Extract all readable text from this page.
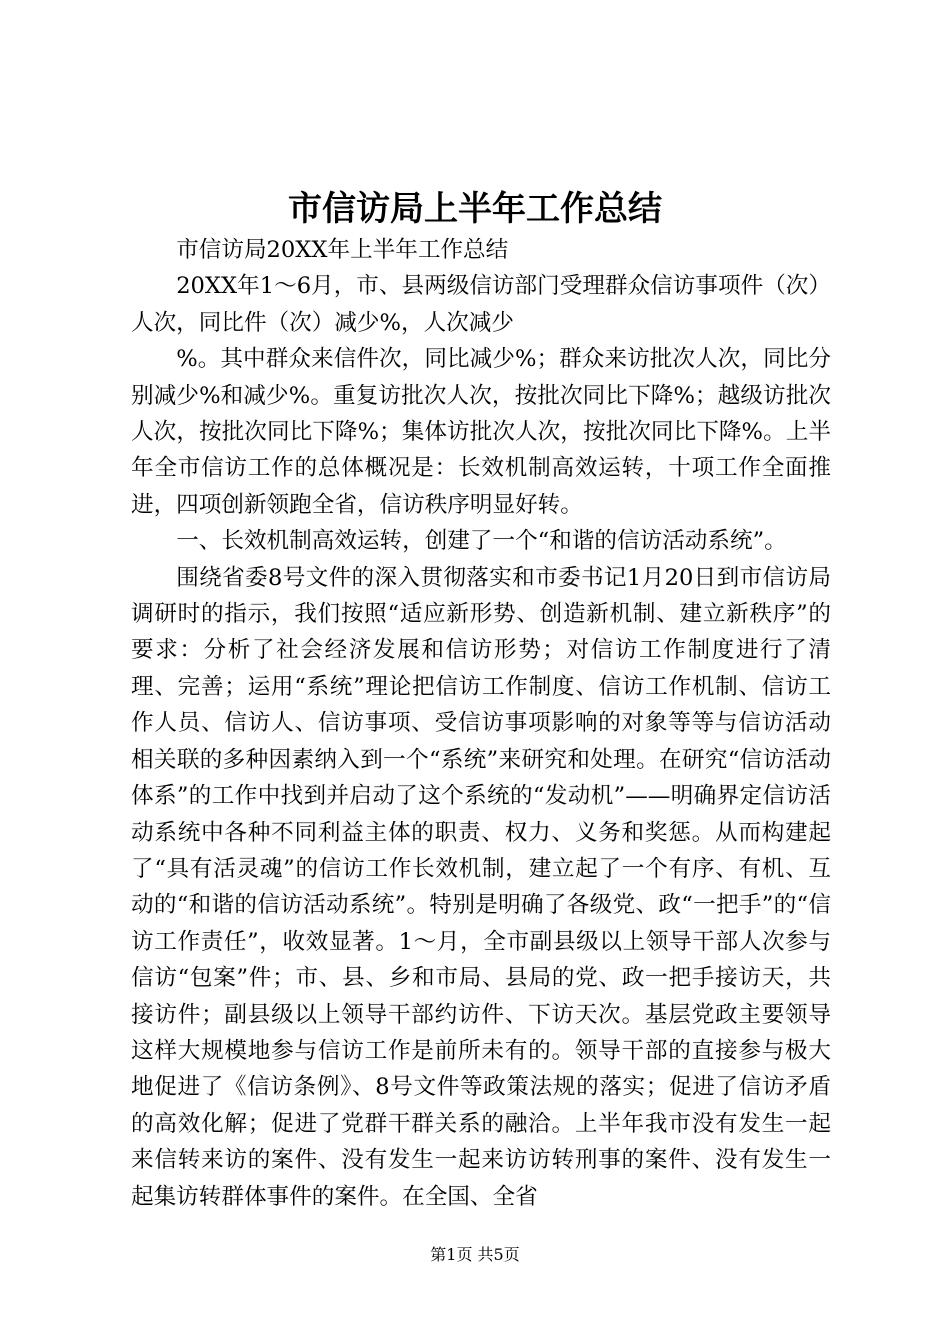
市信访局上半年工作总结

市信访局20XX年上半年工作总结

20XX年1～6月，市、县两级信访部门受理群众信访事项件（次）人次，同比件（次）减少%，人次减少

%。其中群众来信件次，同比减少%；群众来访批次人次，同比分别减少%和减少%。重复访批次人次，按批次同比下降%；越级访批次人次，按批次同比下降%；集体访批次人次，按批次同比下降%。上半年全市信访工作的总体概况是：长效机制高效运转，十项工作全面推进，四项创新领跑全省，信访秩序明显好转。

一、长效机制高效运转，创建了一个“和谐的信访活动系统”。

围绕省委8号文件的深入贯彻落实和市委书记1月20日到市信访局调研时的指示，我们按照“适应新形势、创造新机制、建立新秩序”的要求：分析了社会经济发展和信访形势；对信访工作制度进行了清理、完善；运用“系统”理论把信访工作制度、信访工作机制、信访工作人员、信访人、信访事项、受信访事项影响的对象等等与信访活动相关联的多种因素纳入到一个“系统”来研究和处理。在研究“信访活动体系”的工作中找到并启动了这个系统的“发动机”——明确界定信访活动系统中各种不同利益主体的职责、权力、义务和奖惩。从而构建起了“具有活灵魂”的信访工作长效机制，建立起了一个有序、有机、互动的“和谐的信访活动系统”。特别是明确了各级党、政“一把手”的“信访工作责任”，收效显著。1～月，全市副县级以上领导干部人次参与信访“包案”件；市、县、乡和市局、县局的党、政一把手接访天，共接访件；副县级以上领导干部约访件、下访天次。基层党政主要领导这样大规模地参与信访工作是前所未有的。领导干部的直接参与极大地促进了《信访条例》、8号文件等政策法规的落实；促进了信访矛盾的高效化解；促进了党群干群关系的融洽。上半年我市没有发生一起来信转来访的案件、没有发生一起来访访转刑事的案件、没有发生一起集访转群体事件的案件。在全国、全省

第1页 共5页
